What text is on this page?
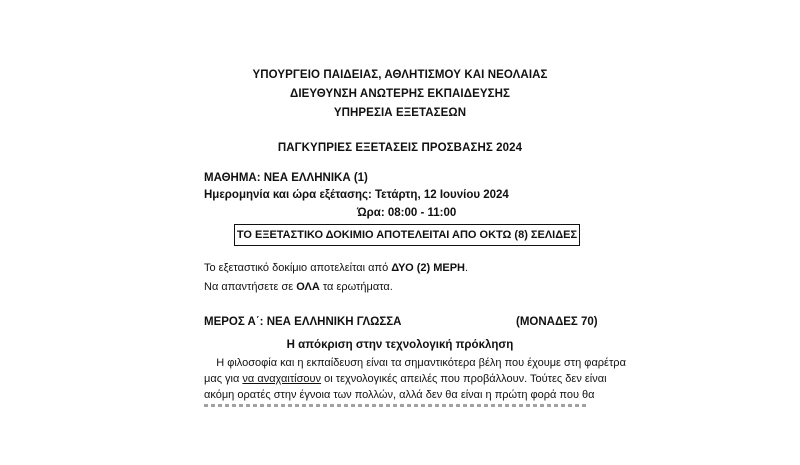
ΥΠΟΥΡΓΕΙΟ ΠΑΙΔΕΙΑΣ, ΑΘΛΗΤΙΣΜΟΥ ΚΑΙ ΝΕΟΛΑΙΑΣ
ΔΙΕΥΘΥΝΣΗ ΑΝΩΤΕΡΗΣ ΕΚΠΑΙΔΕΥΣΗΣ
ΥΠΗΡΕΣΙΑ ΕΞΕΤΑΣΕΩΝ
ΠΑΓΚΥΠΡΙΕΣ ΕΞΕΤΑΣΕΙΣ ΠΡΟΣΒΑΣΗΣ 2024
ΜΑΘΗΜΑ: ΝΕΑ ΕΛΛΗΝΙΚΑ (1)
Ημερομηνία και ώρα εξέτασης: Τετάρτη, 12 Ιουνίου 2024
Ώρα: 08:00 - 11:00
ΤΟ ΕΞΕΤΑΣΤΙΚΟ ΔΟΚΙΜΙΟ ΑΠΟΤΕΛΕΙΤΑΙ ΑΠΟ ΟΚΤΩ (8) ΣΕΛΙΔΕΣ
Το εξεταστικό δοκίμιο αποτελείται από ΔΥΟ (2) ΜΕΡΗ.
Να απαντήσετε σε ΟΛΑ τα ερωτήματα.
ΜΕΡΟΣ Α΄: ΝΕΑ ΕΛΛΗΝΙΚΗ ΓΛΩΣΣΑ	(ΜΟΝΑΔΕΣ 70)
Η απόκριση στην τεχνολογική πρόκληση
Η φιλοσοφία και η εκπαίδευση είναι τα σημαντικότερα βέλη που έχουμε στη φαρέτρα
μας για να αναχαιτίσουν οι τεχνολογικές απειλές που προβάλλουν. Τούτες δεν είναι
ακόμη ορατές στην έγνοια των πολλών, αλλά δεν θα είναι η πρώτη φορά που θα
